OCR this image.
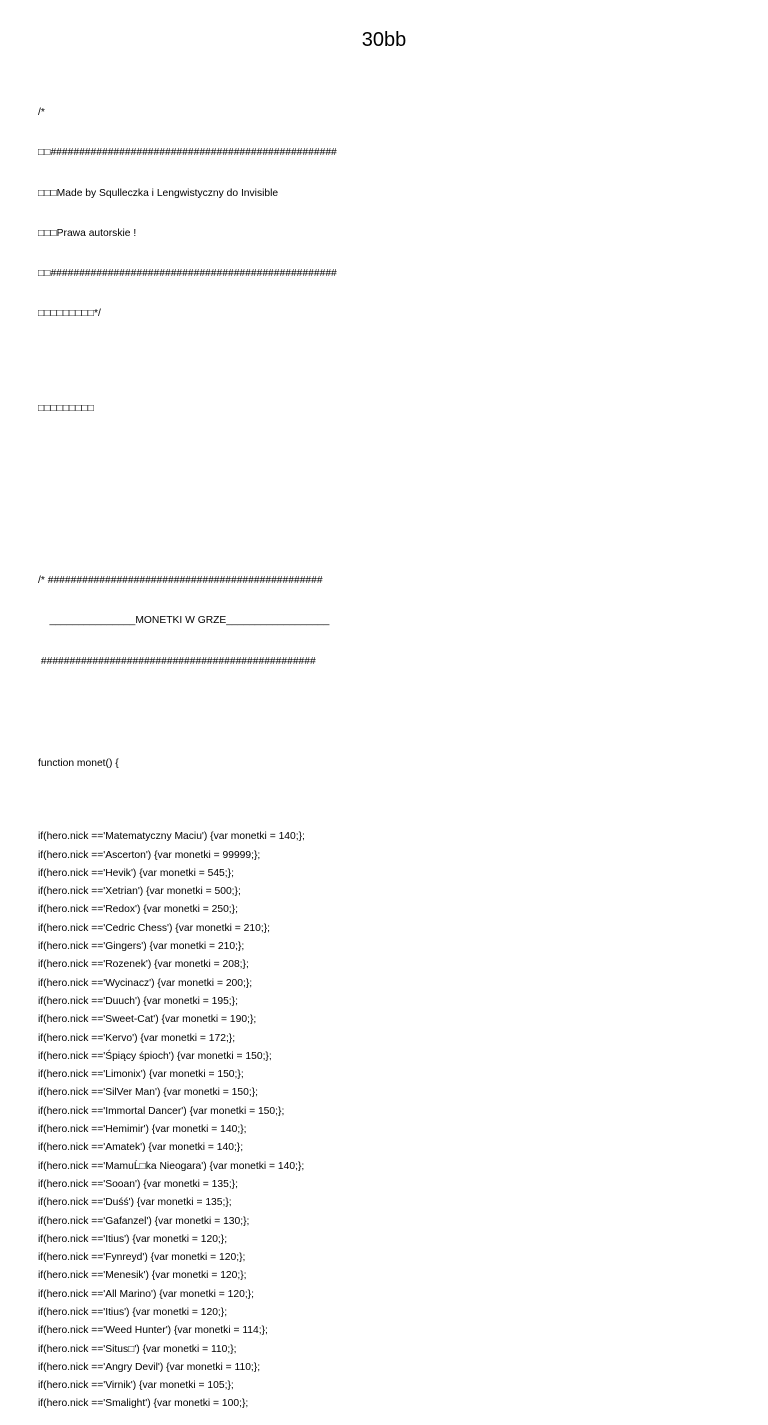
30bb

/*

□□##################################################

□□□Made by Squlleczka i Lengwistyczny do Invisible

□□□Prawa autorskie !

□□##################################################

□□□□□□□□□*/

□□□□□□□□□

/* ################################################

_______________MONETKI W GRZE__________________

################################################

function monet() {

if(hero.nick =='Matematyczny Maciu') {var monetki = 140;};
if(hero.nick =='Ascerton') {var monetki = 99999;};
if(hero.nick =='Hevik') {var monetki = 545;};
if(hero.nick =='Xetrian') {var monetki = 500;};
if(hero.nick =='Redox') {var monetki = 250;};
if(hero.nick =='Cedric Chess') {var monetki = 210;};
if(hero.nick =='Gingers') {var monetki = 210;};
if(hero.nick =='Rozenek') {var monetki = 208;};
if(hero.nick =='Wycinacz') {var monetki = 200;};
if(hero.nick =='Duuch') {var monetki = 195;};
if(hero.nick =='Sweet-Cat') {var monetki = 190;};
if(hero.nick =='Kervo') {var monetki = 172;};
if(hero.nick =='Śpiący śpioch') {var monetki = 150;};
if(hero.nick =='Limonix') {var monetki = 150;};
if(hero.nick =='SilVer Man') {var monetki = 150;};
if(hero.nick =='Immortal Dancer') {var monetki = 150;};
if(hero.nick =='Hemimir') {var monetki = 140;};
if(hero.nick =='Amatek') {var monetki = 140;};
if(hero.nick =='MamuĹ□ka Nieogara') {var monetki = 140;};
if(hero.nick =='Sooan') {var monetki = 135;};
if(hero.nick =='Duśś') {var monetki = 135;};
if(hero.nick =='Gafanzel') {var monetki = 130;};
if(hero.nick =='Itius') {var monetki = 120;};
if(hero.nick =='Fynreyd') {var monetki = 120;};
if(hero.nick =='Menesik') {var monetki = 120;};
if(hero.nick =='All Marino') {var monetki = 120;};
if(hero.nick =='Itius') {var monetki = 120;};
if(hero.nick =='Weed Hunter') {var monetki = 114;};
if(hero.nick =='Situs□') {var monetki = 110;};
if(hero.nick =='Angry Devil') {var monetki = 110;};
if(hero.nick =='Virnik') {var monetki = 105;};
if(hero.nick =='Smalight') {var monetki = 100;};
